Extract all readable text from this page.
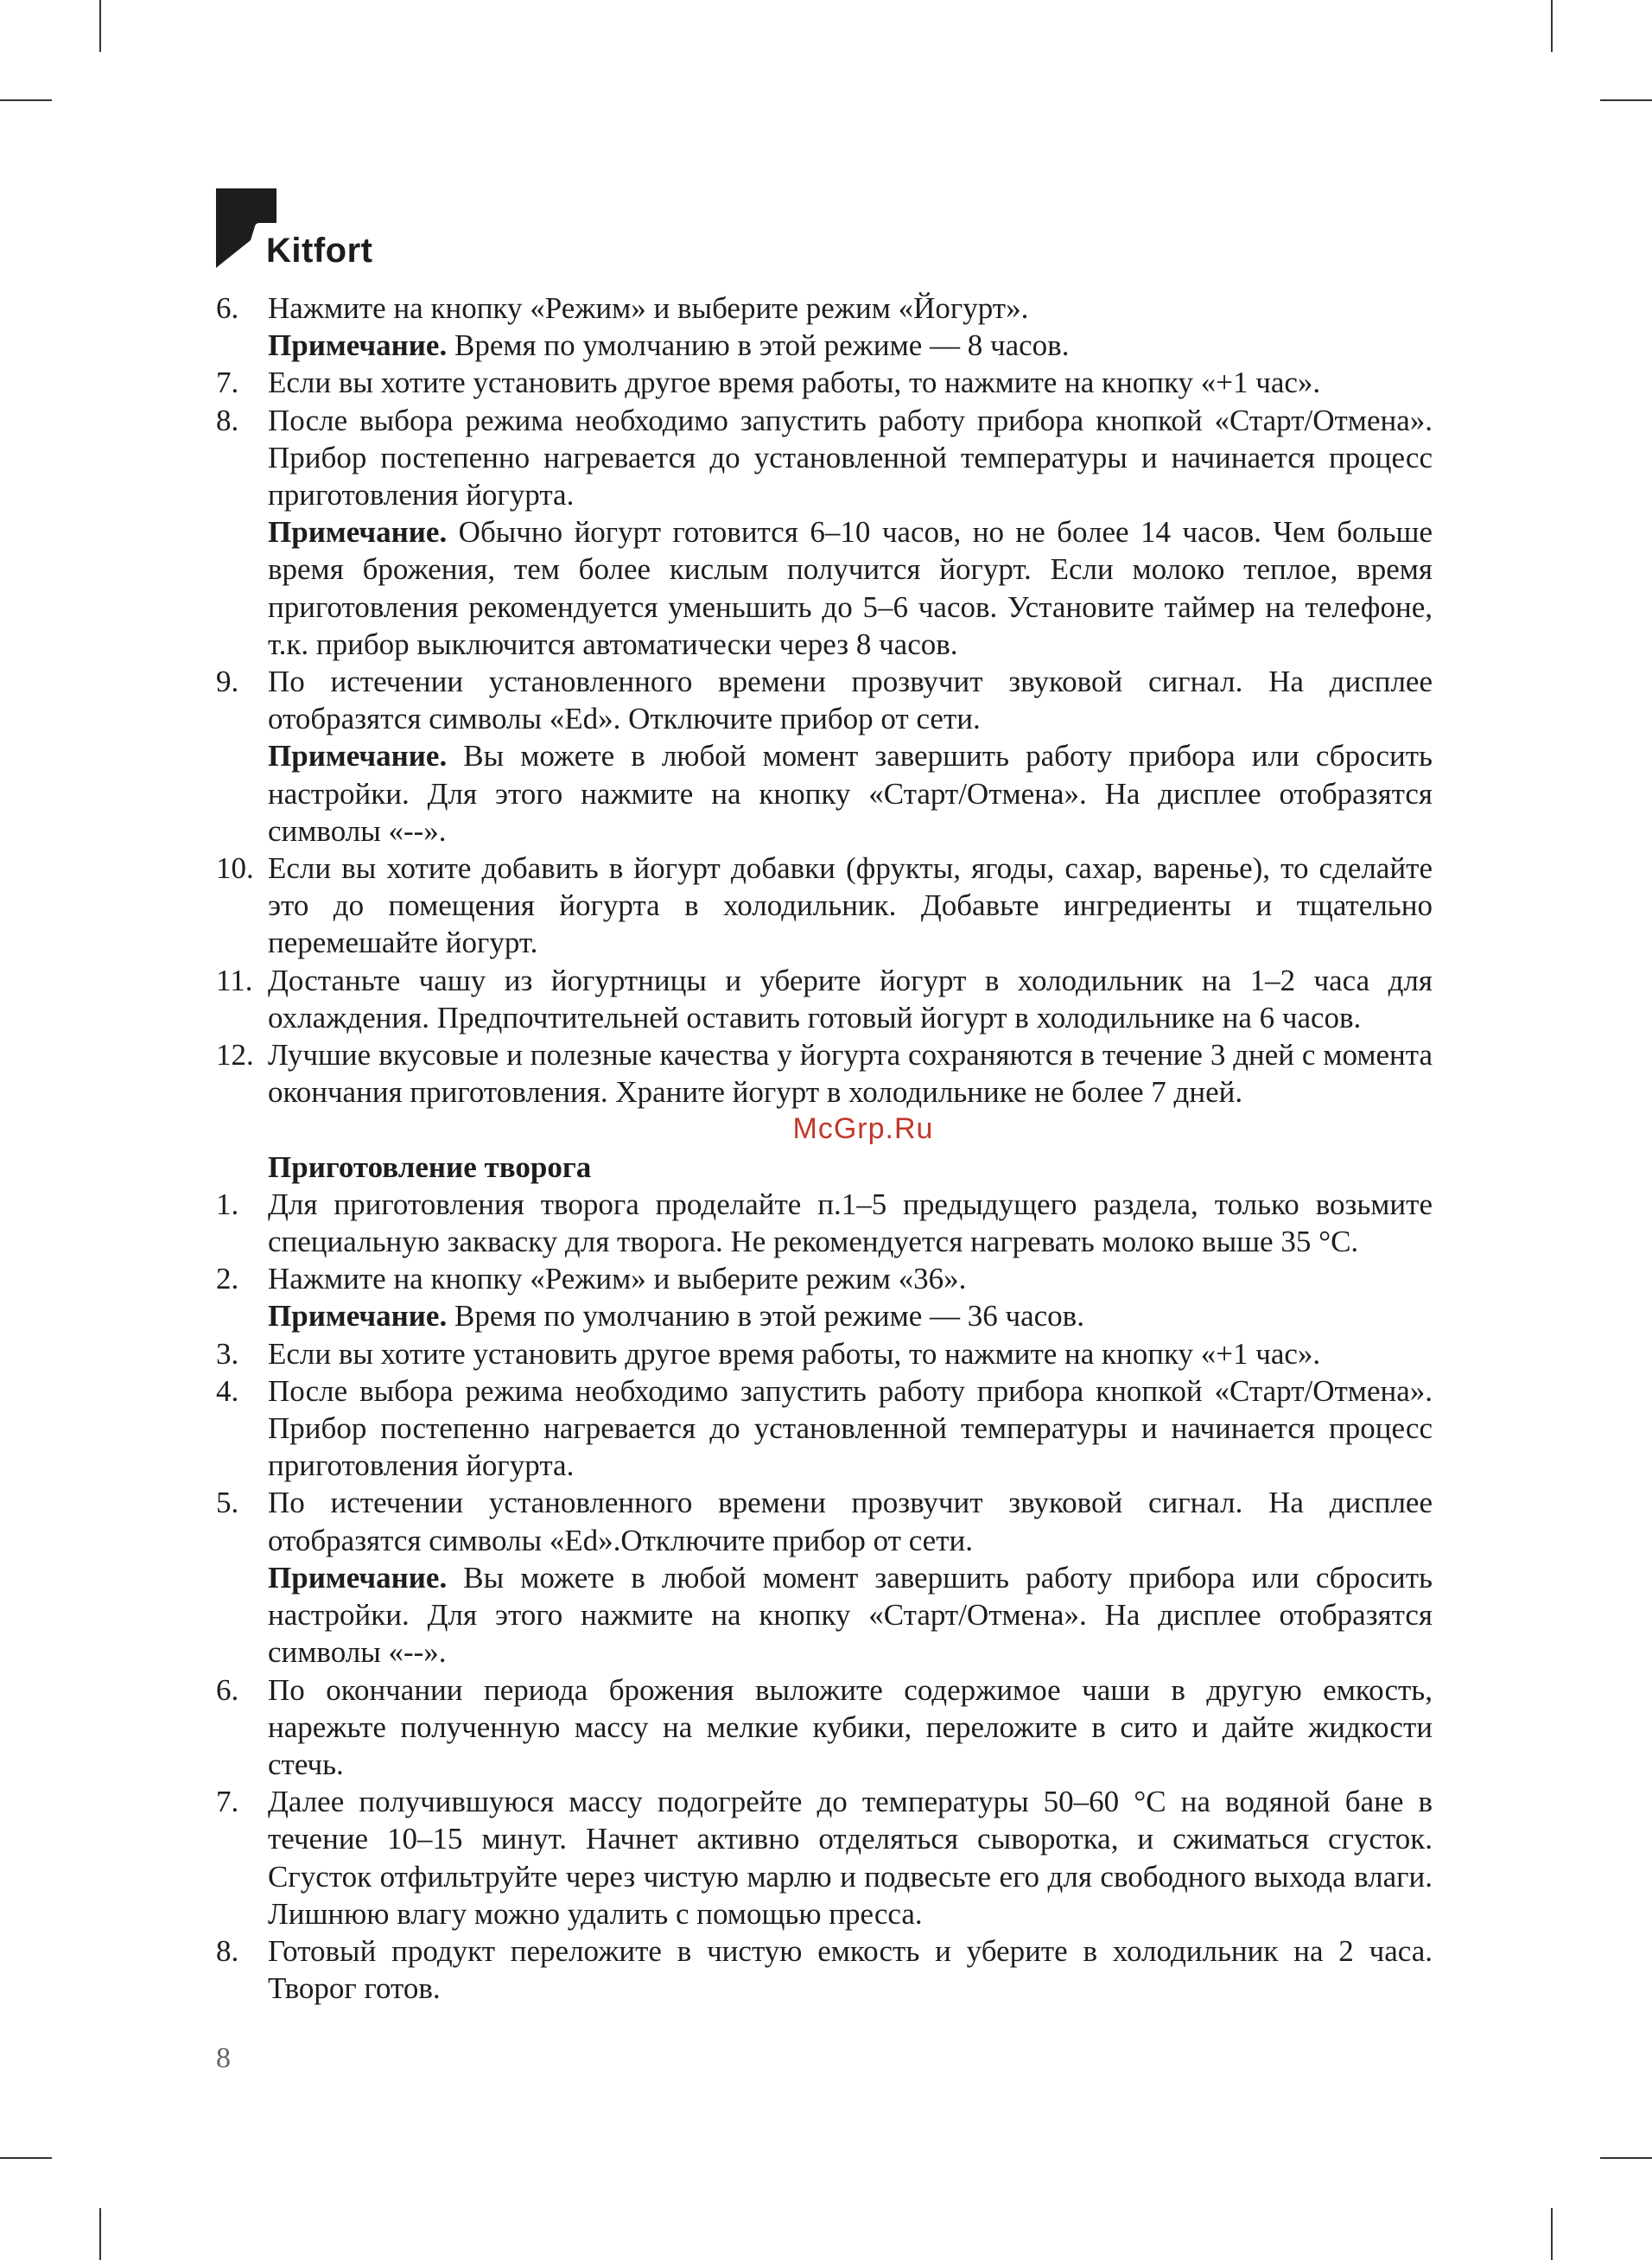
Kitfort
6. Нажмите на кнопку «Режим» и выберите режим «Йогурт».

Примечание. Время по умолчанию в этой режиме — 8 часов.

7. Если вы хотите установить другое время работы, то нажмите на кнопку «+1 час».

8. После выбора режима необходимо запустить работу прибора кнопкой «Старт/Отмена». Прибор постепенно нагревается до установленной температуры и начинается процесс приготовления йогурта.

Примечание. Обычно йогурт готовится 6–10 часов, но не более 14 часов. Чем больше время брожения, тем более кислым получится йогурт. Если молоко теплое, время приготовления рекомендуется уменьшить до 5–6 часов. Установите таймер на телефоне, т.к. прибор выключится автоматически через 8 часов.

9. По истечении установленного времени прозвучит звуковой сигнал. На дисплее отобразятся символы «Ed». Отключите прибор от сети.

Примечание. Вы можете в любой момент завершить работу прибора или сбросить настройки. Для этого нажмите на кнопку «Старт/Отмена». На дисплее отобразятся символы «--».

10. Если вы хотите добавить в йогурт добавки (фрукты, ягоды, сахар, варенье), то сделайте это до помещения йогурта в холодильник. Добавьте ингредиенты и тщательно перемешайте йогурт.

11. Достаньте чашу из йогуртницы и уберите йогурт в холодильник на 1–2 часа для охлаждения. Предпочтительней оставить готовый йогурт в холодильнике на 6 часов.

12. Лучшие вкусовые и полезные качества у йогурта сохраняются в течение 3 дней с момента окончания приготовления. Храните йогурт в холодильнике не более 7 дней.

McGrp.Ru
Приготовление творога
1. Для приготовления творога проделайте п.1–5 предыдущего раздела, только возьмите специальную закваску для творога. Не рекомендуется нагревать молоко выше 35 °С.

2. Нажмите на кнопку «Режим» и выберите режим «36».

Примечание. Время по умолчанию в этой режиме — 36 часов.

3. Если вы хотите установить другое время работы, то нажмите на кнопку «+1 час».

4. После выбора режима необходимо запустить работу прибора кнопкой «Старт/Отмена». Прибор постепенно нагревается до установленной температуры и начинается процесс приготовления йогурта.

5. По истечении установленного времени прозвучит звуковой сигнал. На дисплее отобразятся символы «Ed».Отключите прибор от сети.

Примечание. Вы можете в любой момент завершить работу прибора или сбросить настройки. Для этого нажмите на кнопку «Старт/Отмена». На дисплее отобразятся символы «--».

6. По окончании периода брожения выложите содержимое чаши в другую емкость, нарежьте полученную массу на мелкие кубики, переложите в сито и дайте жидкости стечь.

7. Далее получившуюся массу подогрейте до температуры 50–60 °С на водяной бане в течение 10–15 минут. Начнет активно отделяться сыворотка, и сжиматься сгусток. Сгусток отфильтруйте через чистую марлю и подвесьте его для свободного выхода влаги. Лишнюю влагу можно удалить с помощью пресса.

8. Готовый продукт переложите в чистую емкость и уберите в холодильник на 2 часа. Творог готов.

8
